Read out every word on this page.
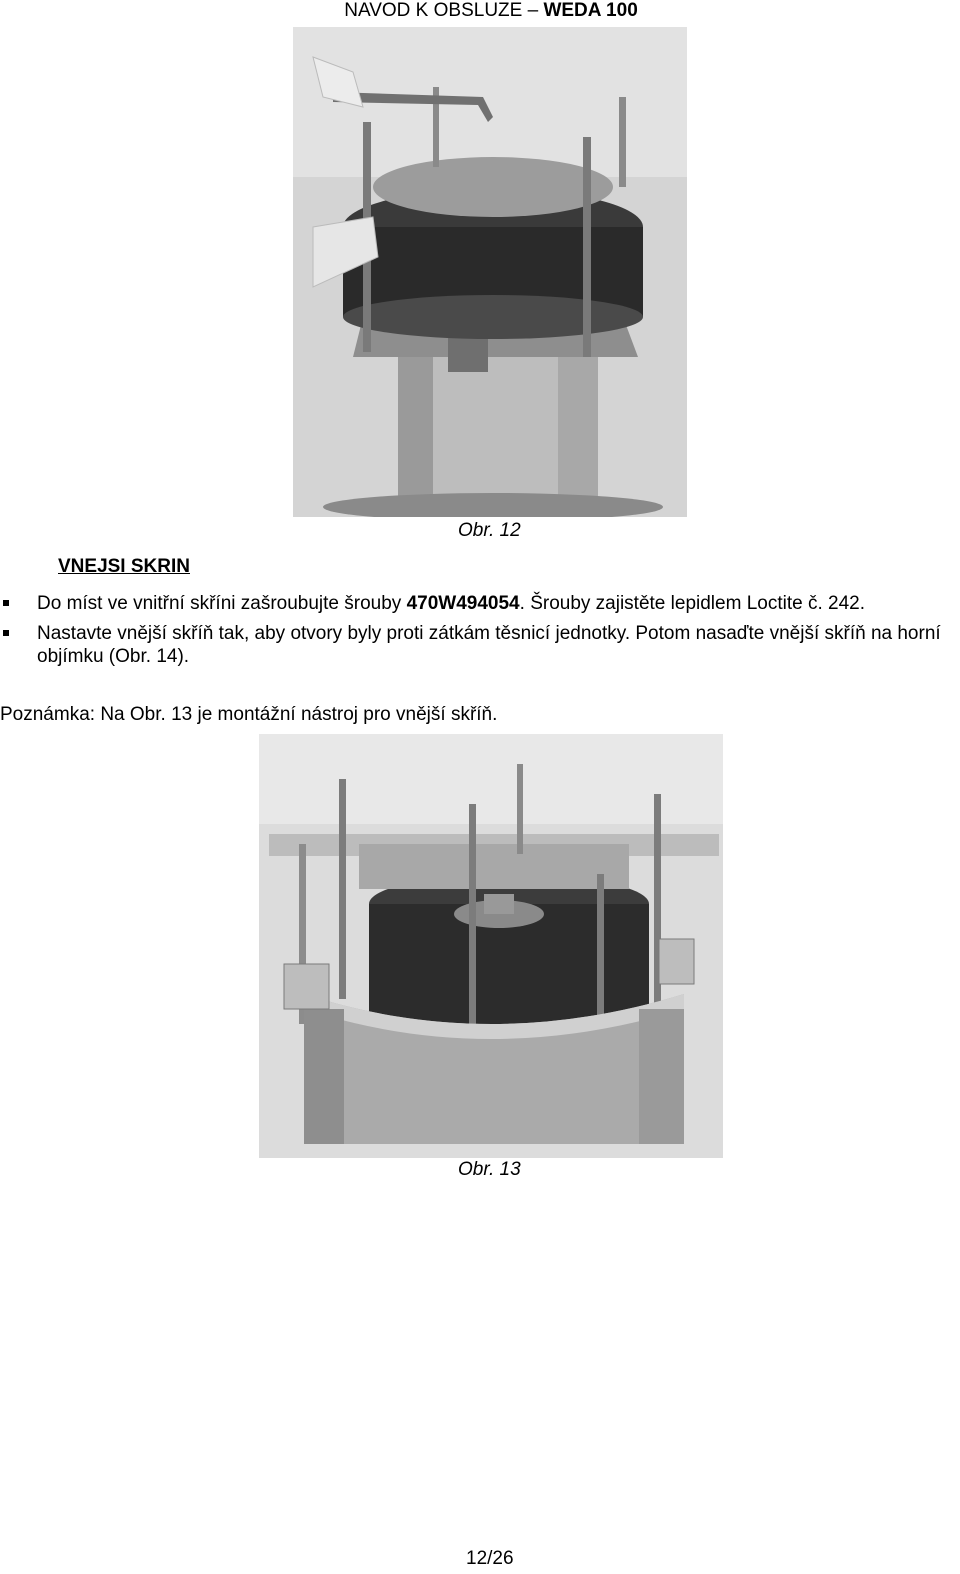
NAVOD K OBSLUZE – WEDA 100
Obr. 12
VNEJSI SKRIN
Do míst ve vnitřní skříni zašroubujte šrouby 470W494054. Šrouby zajistěte lepidlem Loctite č. 242.
Nastavte vnější skříň tak, aby otvory byly proti zátkám těsnicí jednotky. Potom nasaďte vnější skříň na horní objímku (Obr. 14).
Poznámka: Na Obr. 13 je montážní nástroj pro vnější skříň.
Obr. 13
12/26
